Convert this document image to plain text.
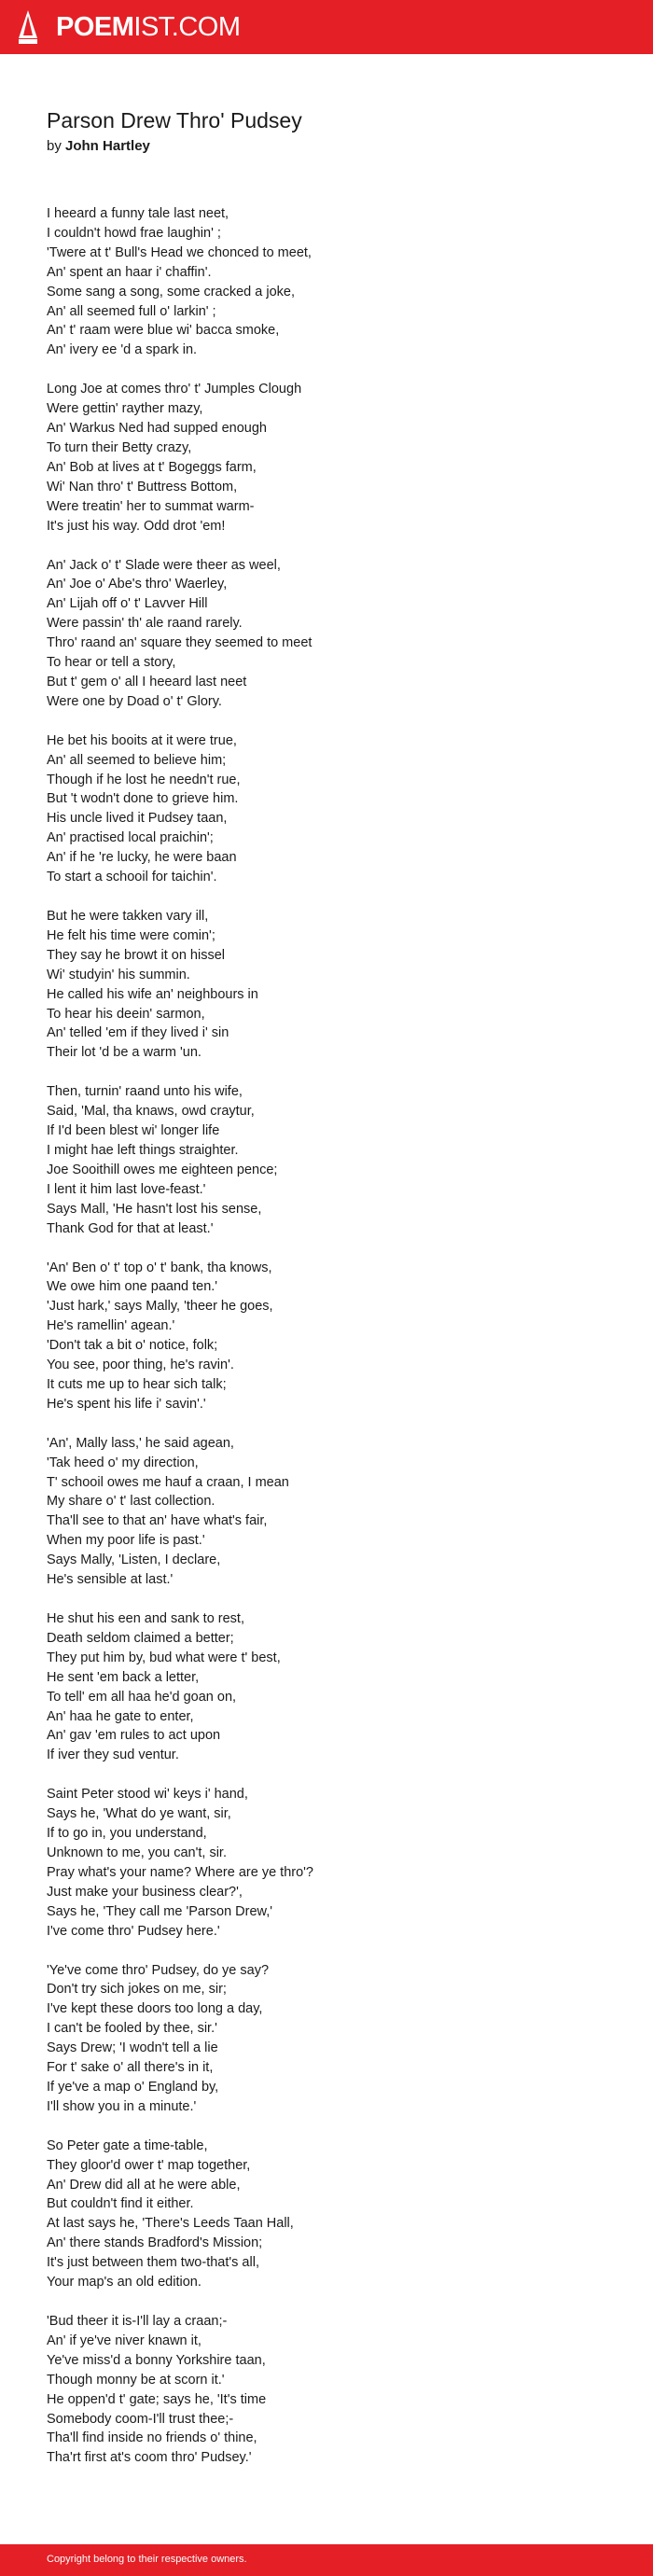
POEMIST.COM
Parson Drew Thro' Pudsey
by John Hartley
I heeard a funny tale last neet,
I couldn't howd frae laughin' ;
'Twere at t' Bull's Head we chonced to meet,
An' spent an haar i' chaffin'.
Some sang a song, some cracked a joke,
An' all seemed full o' larkin' ;
An' t' raam were blue wi' bacca smoke,
An' ivery ee 'd a spark in.
Long Joe at comes thro' t' Jumples Clough
Were gettin' rayther mazy,
An' Warkus Ned had supped enough
To turn their Betty crazy,
An' Bob at lives at t' Bogeggs farm,
Wi' Nan thro' t' Buttress Bottom,
Were treatin' her to summat warm-
It's just his way. Odd drot 'em!
An' Jack o' t' Slade were theer as weel,
An' Joe o' Abe's thro' Waerley,
An' Lijah off o' t' Lavver Hill
Were passin' th' ale raand rarely.
Thro' raand an' square they seemed to meet
To hear or tell a story,
But t' gem o' all I heeard last neet
Were one by Doad o' t' Glory.
He bet his booits at it were true,
An' all seemed to believe him;
Though if he lost he needn't rue,
But 't wodn't done to grieve him.
His uncle lived it Pudsey taan,
An' practised local praichin';
An' if he 're lucky, he were baan
To start a schooil for taichin'.
But he were takken vary ill,
He felt his time were comin';
They say he browt it on hissel
Wi' studyin' his summin.
He called his wife an' neighbours in
To hear his deein' sarmon,
An' telled 'em if they lived i' sin
Their lot 'd be a warm 'un.
Then, turnin' raand unto his wife,
Said, 'Mal, tha knaws, owd craytur,
If I'd been blest wi' longer life
I might hae left things straighter.
Joe Sooithill owes me eighteen pence;
I lent it him last love-feast.'
Says Mall, 'He hasn't lost his sense,
Thank God for that at least.'
'An' Ben o' t' top o' t' bank, tha knows,
We owe him one paand ten.'
'Just hark,' says Mally, 'theer he goes,
He's ramellin' agean.'
'Don't tak a bit o' notice, folk;
You see, poor thing, he's ravin'.
It cuts me up to hear sich talk;
He's spent his life i' savin'.'
'An', Mally lass,' he said agean,
'Tak heed o' my direction,
T' schooil owes me hauf a craan, I mean
My share o' t' last collection.
Tha'll see to that an' have what's fair,
When my poor life is past.'
Says Mally, 'Listen, I declare,
He's sensible at last.'
He shut his een and sank to rest,
Death seldom claimed a better;
They put him by, bud what were t' best,
He sent 'em back a letter,
To tell' em all haa he'd goan on,
An' haa he gate to enter,
An' gav 'em rules to act upon
If iver they sud ventur.
Saint Peter stood wi' keys i' hand,
Says he, 'What do ye want, sir,
If to go in, you understand,
Unknown to me, you can't, sir.
Pray what's your name? Where are ye thro'?
Just make your business clear?',
Says he, 'They call me 'Parson Drew,'
I've come thro' Pudsey here.'
'Ye've come thro' Pudsey, do ye say?
Don't try sich jokes on me, sir;
I've kept these doors too long a day,
I can't be fooled by thee, sir.'
Says Drew; 'I wodn't tell a lie
For t' sake o' all there's in it,
If ye've a map o' England by,
I'll show you in a minute.'
So Peter gate a time-table,
They gloor'd ower t' map together,
An' Drew did all at he were able,
But couldn't find it either.
At last says he, 'There's Leeds Taan Hall,
An' there stands Bradford's Mission;
It's just between them two-that's all,
Your map's an old edition.
'Bud theer it is-I'll lay a craan;-
An' if ye've niver knawn it,
Ye've miss'd a bonny Yorkshire taan,
Though monny be at scorn it.'
He oppen'd t' gate; says he, 'It's time
Somebody coom-I'll trust thee;-
Tha'll find inside no friends o' thine,
Tha'rt first at's coom thro' Pudsey.'
Copyright belong to their respective owners.
